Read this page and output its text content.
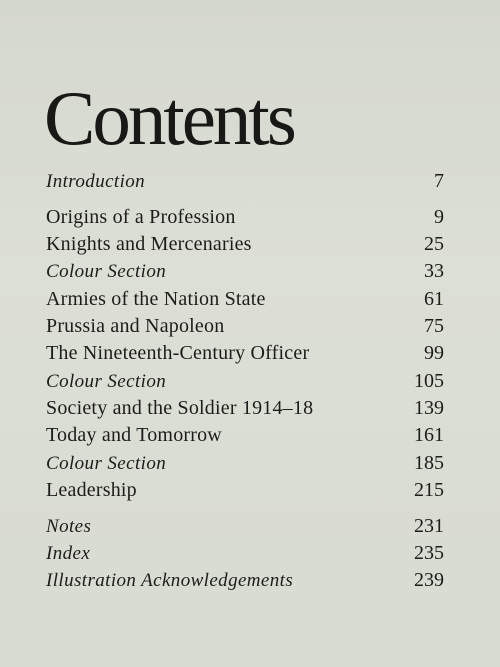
Contents
Introduction	7
Origins of a Profession	9
Knights and Mercenaries	25
Colour Section	33
Armies of the Nation State	61
Prussia and Napoleon	75
The Nineteenth-Century Officer	99
Colour Section	105
Society and the Soldier 1914–18	139
Today and Tomorrow	161
Colour Section	185
Leadership	215
Notes	231
Index	235
Illustration Acknowledgements	239
